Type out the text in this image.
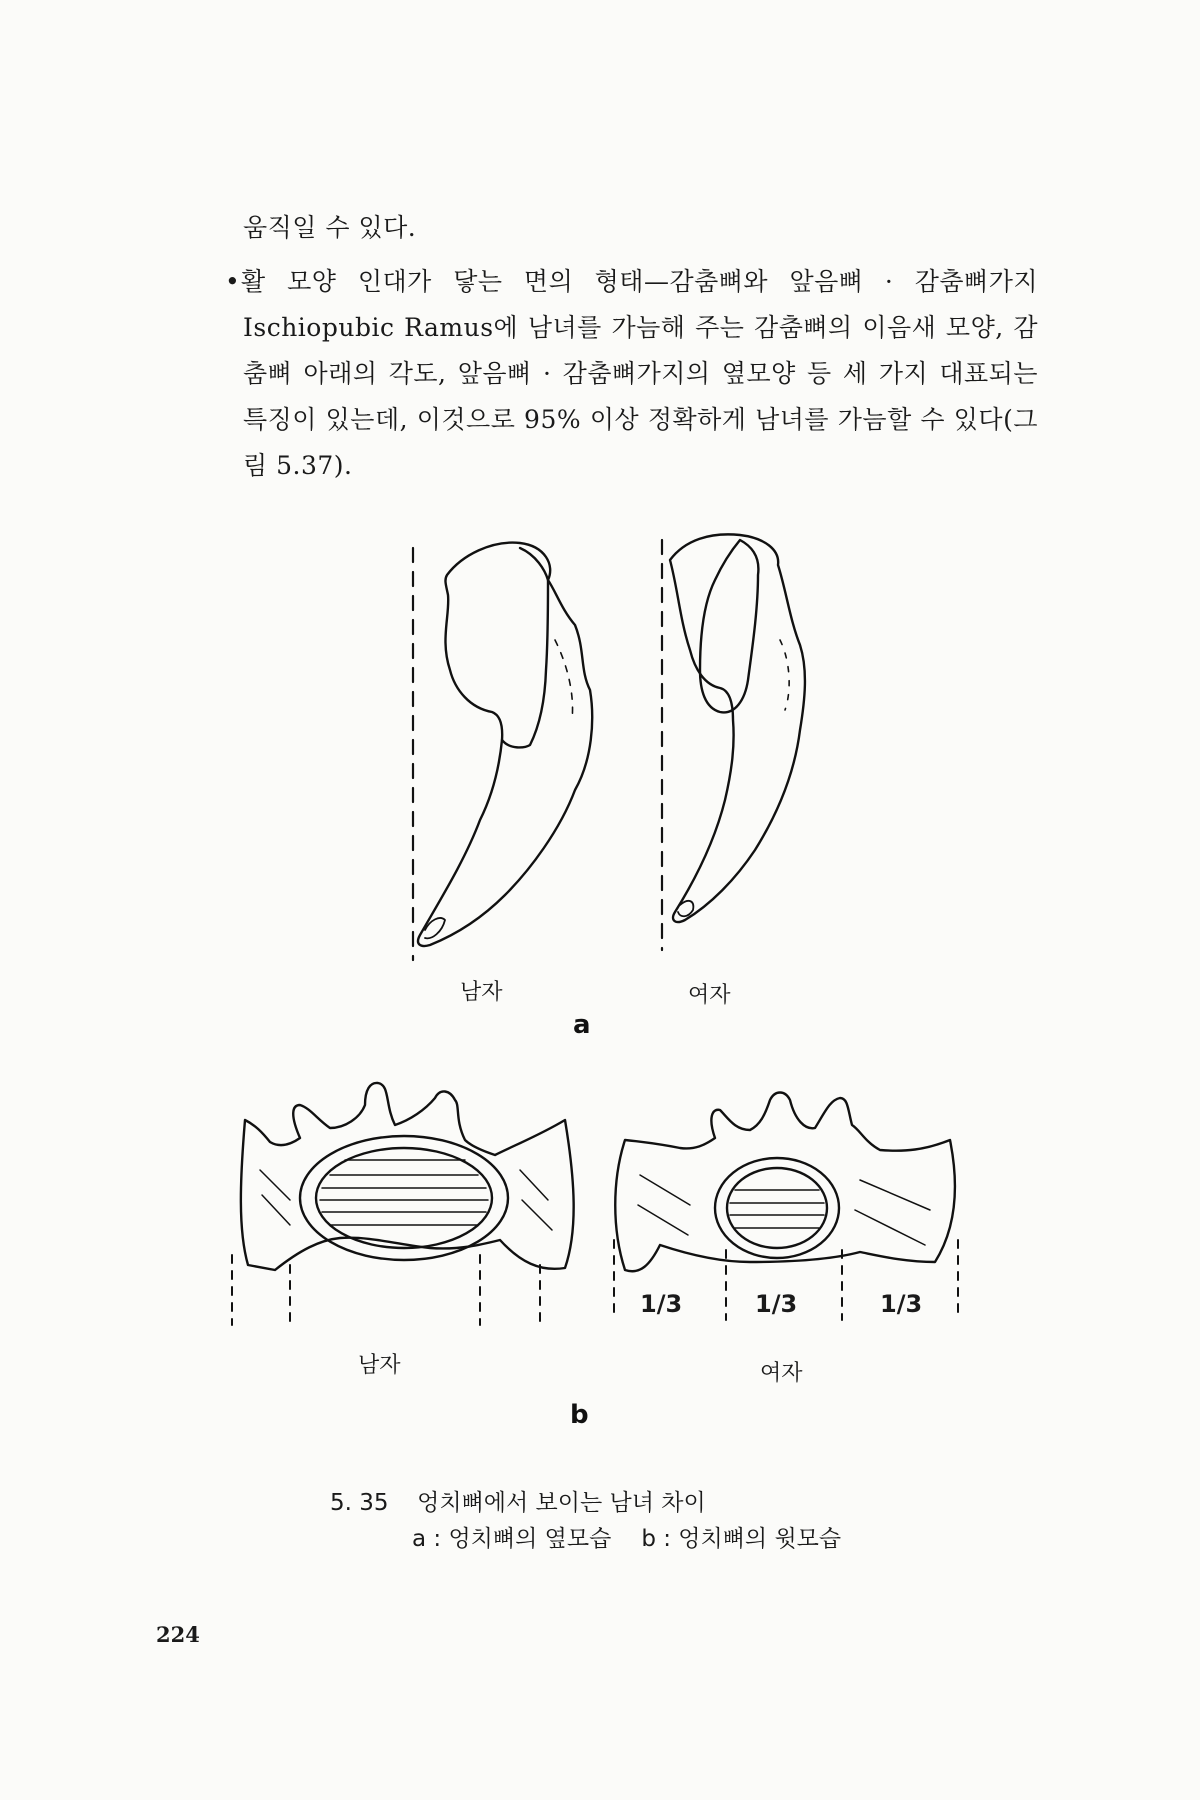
움직일 수 있다.

•활 모양 인대가 닿는 면의 형태—감춤뼈와 앞음뼈 · 감춤뼈가지 Ischiopubic Ramus에 남녀를 가늠해 주는 감춤뼈의 이음새 모양, 감춤뼈 아래의 각도, 앞음뼈 · 감춤뼈가지의 옆모양 등 세 가지 대표되는 특징이 있는데, 이것으로 95% 이상 정확하게 남녀를 가늠할 수 있다(그림 5.37).

남자	여자
a
1/3	1/3	1/3
남자	여자
b
5. 35 엉치뼈에서 보이는 남녀 차이
a : 엉치뼈의 옆모습 b : 엉치뼈의 윗모습
224
